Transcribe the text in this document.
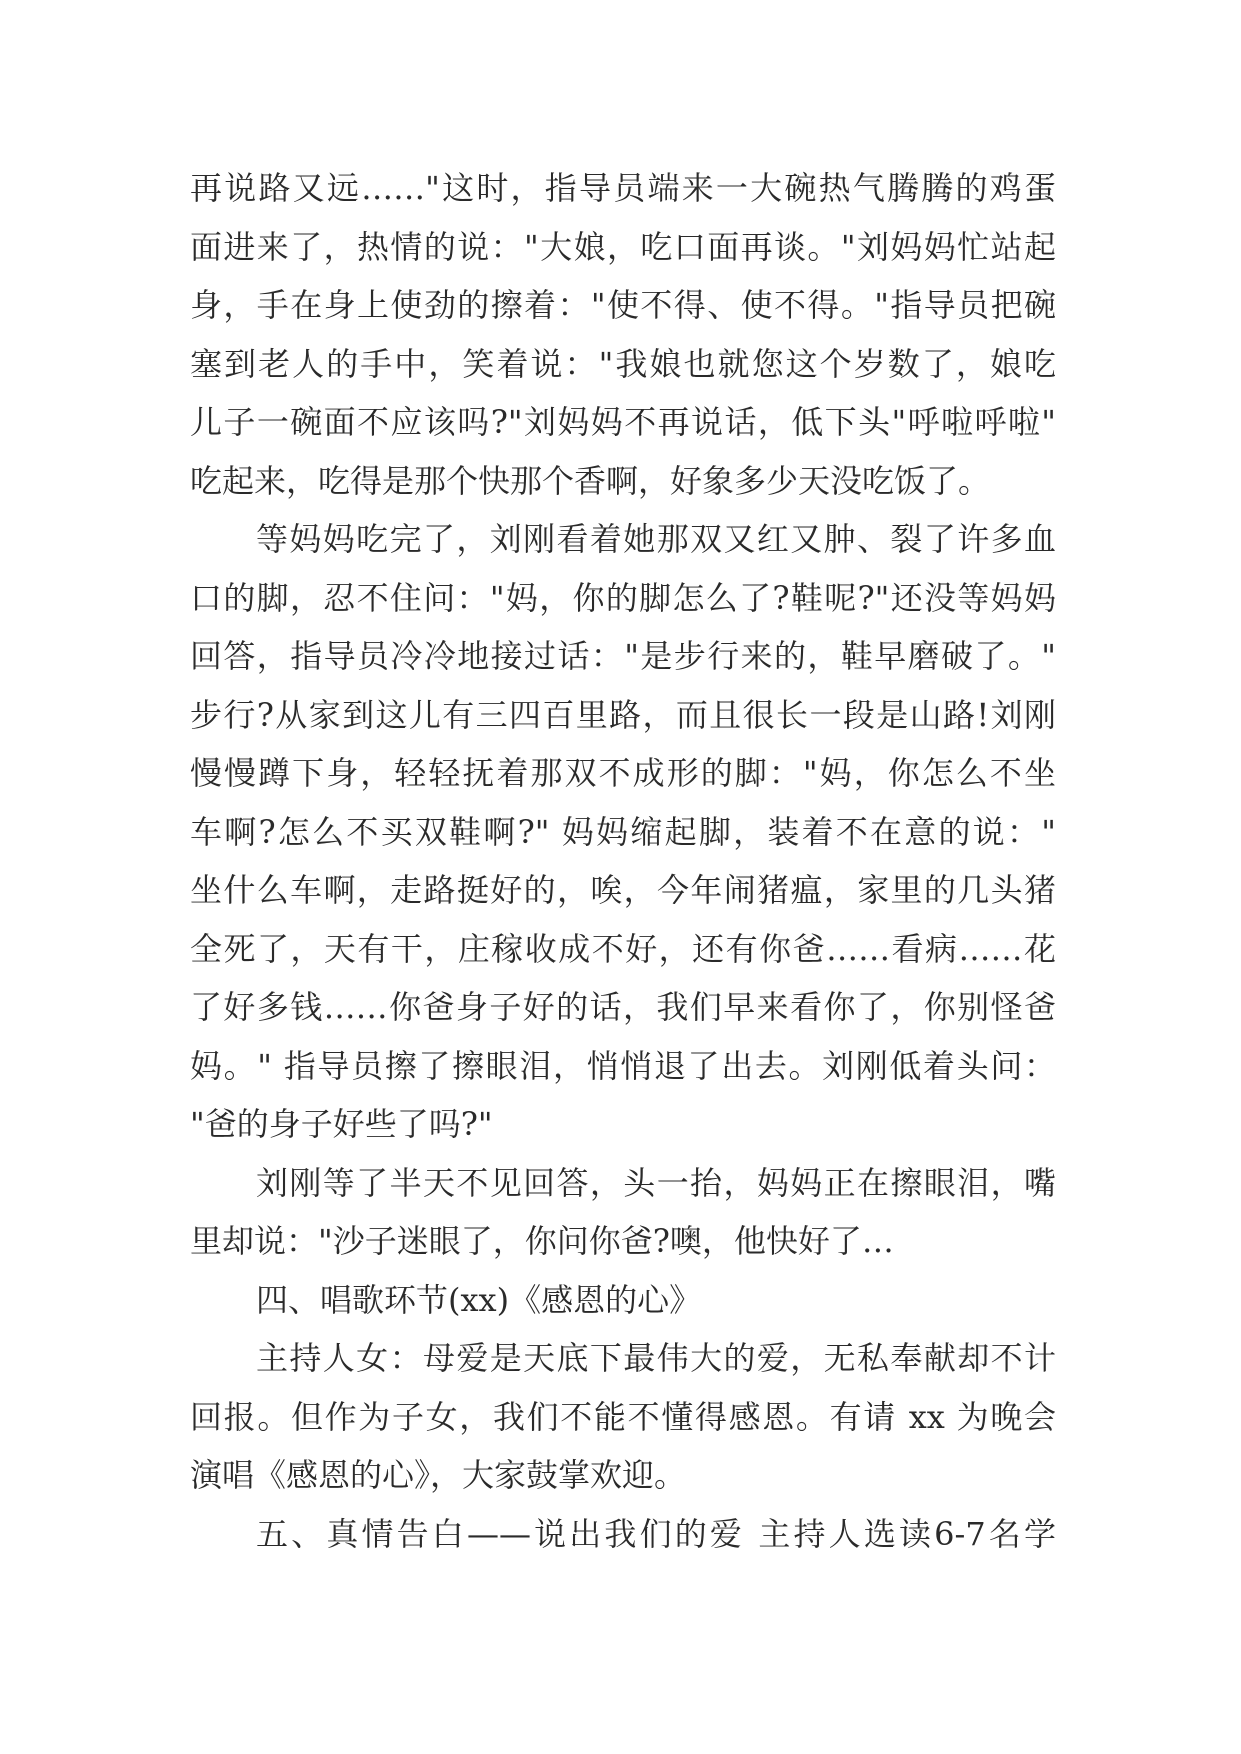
再说路又远……"这时，指导员端来一大碗热气腾腾的鸡蛋
面进来了，热情的说："大娘，吃口面再谈。"刘妈妈忙站起
身，手在身上使劲的擦着："使不得、使不得。"指导员把碗
塞到老人的手中，笑着说："我娘也就您这个岁数了，娘吃
儿子一碗面不应该吗?"刘妈妈不再说话，低下头"呼啦呼啦"
吃起来，吃得是那个快那个香啊，好象多少天没吃饭了。
等妈妈吃完了，刘刚看着她那双又红又肿、裂了许多血
口的脚，忍不住问："妈，你的脚怎么了?鞋呢?"还没等妈妈
回答，指导员冷冷地接过话："是步行来的，鞋早磨破了。"
步行?从家到这儿有三四百里路，而且很长一段是山路!刘刚
慢慢蹲下身，轻轻抚着那双不成形的脚："妈，你怎么不坐
车啊?怎么不买双鞋啊?" 妈妈缩起脚，装着不在意的说："
坐什么车啊，走路挺好的，唉，今年闹猪瘟，家里的几头猪
全死了，天有干，庄稼收成不好，还有你爸……看病……花
了好多钱……你爸身子好的话，我们早来看你了，你别怪爸
妈。" 指导员擦了擦眼泪，悄悄退了出去。刘刚低着头问：
"爸的身子好些了吗?"
刘刚等了半天不见回答，头一抬，妈妈正在擦眼泪，嘴
里却说："沙子迷眼了，你问你爸?噢，他快好了…
四、唱歌环节(xx)《感恩的心》
主持人女：母爱是天底下最伟大的爱，无私奉献却不计
回报。但作为子女，我们不能不懂得感恩。有请 xx 为晚会
演唱《感恩的心》，大家鼓掌欢迎。
五、真情告白——说出我们的爱 主持人选读6-7名学
